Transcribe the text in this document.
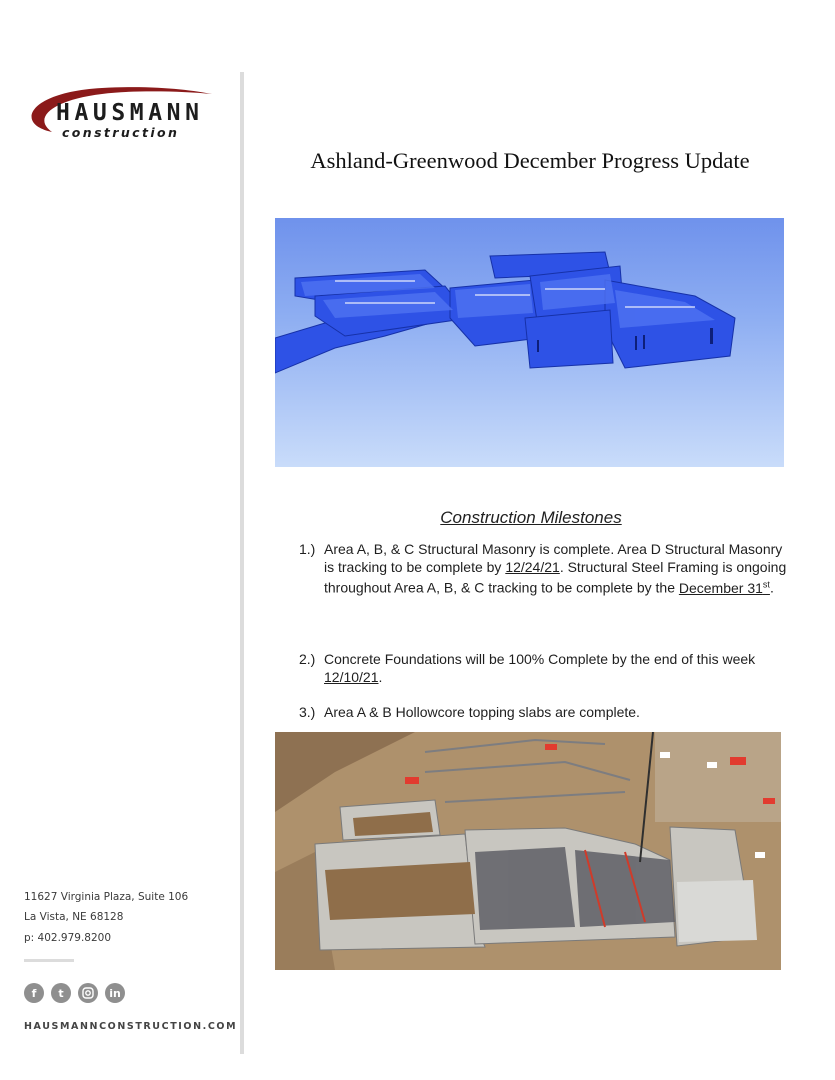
HAUSMANN
construction
Ashland-Greenwood December Progress Update
Construction Milestones
1.) Area A, B, & C Structural Masonry is complete. Area D Structural Masonry is tracking to be complete by 12/24/21. Structural Steel Framing is ongoing throughout Area A, B, & C tracking to be complete by the December 31st.
2.) Concrete Foundations will be 100% Complete by the end of this week 12/10/21.
3.) Area A & B Hollowcore topping slabs are complete.
11627 Virginia Plaza, Suite 106
La Vista, NE 68128
p: 402.979.8200
f	t	in
HAUSMANNCONSTRUCTION.COM
